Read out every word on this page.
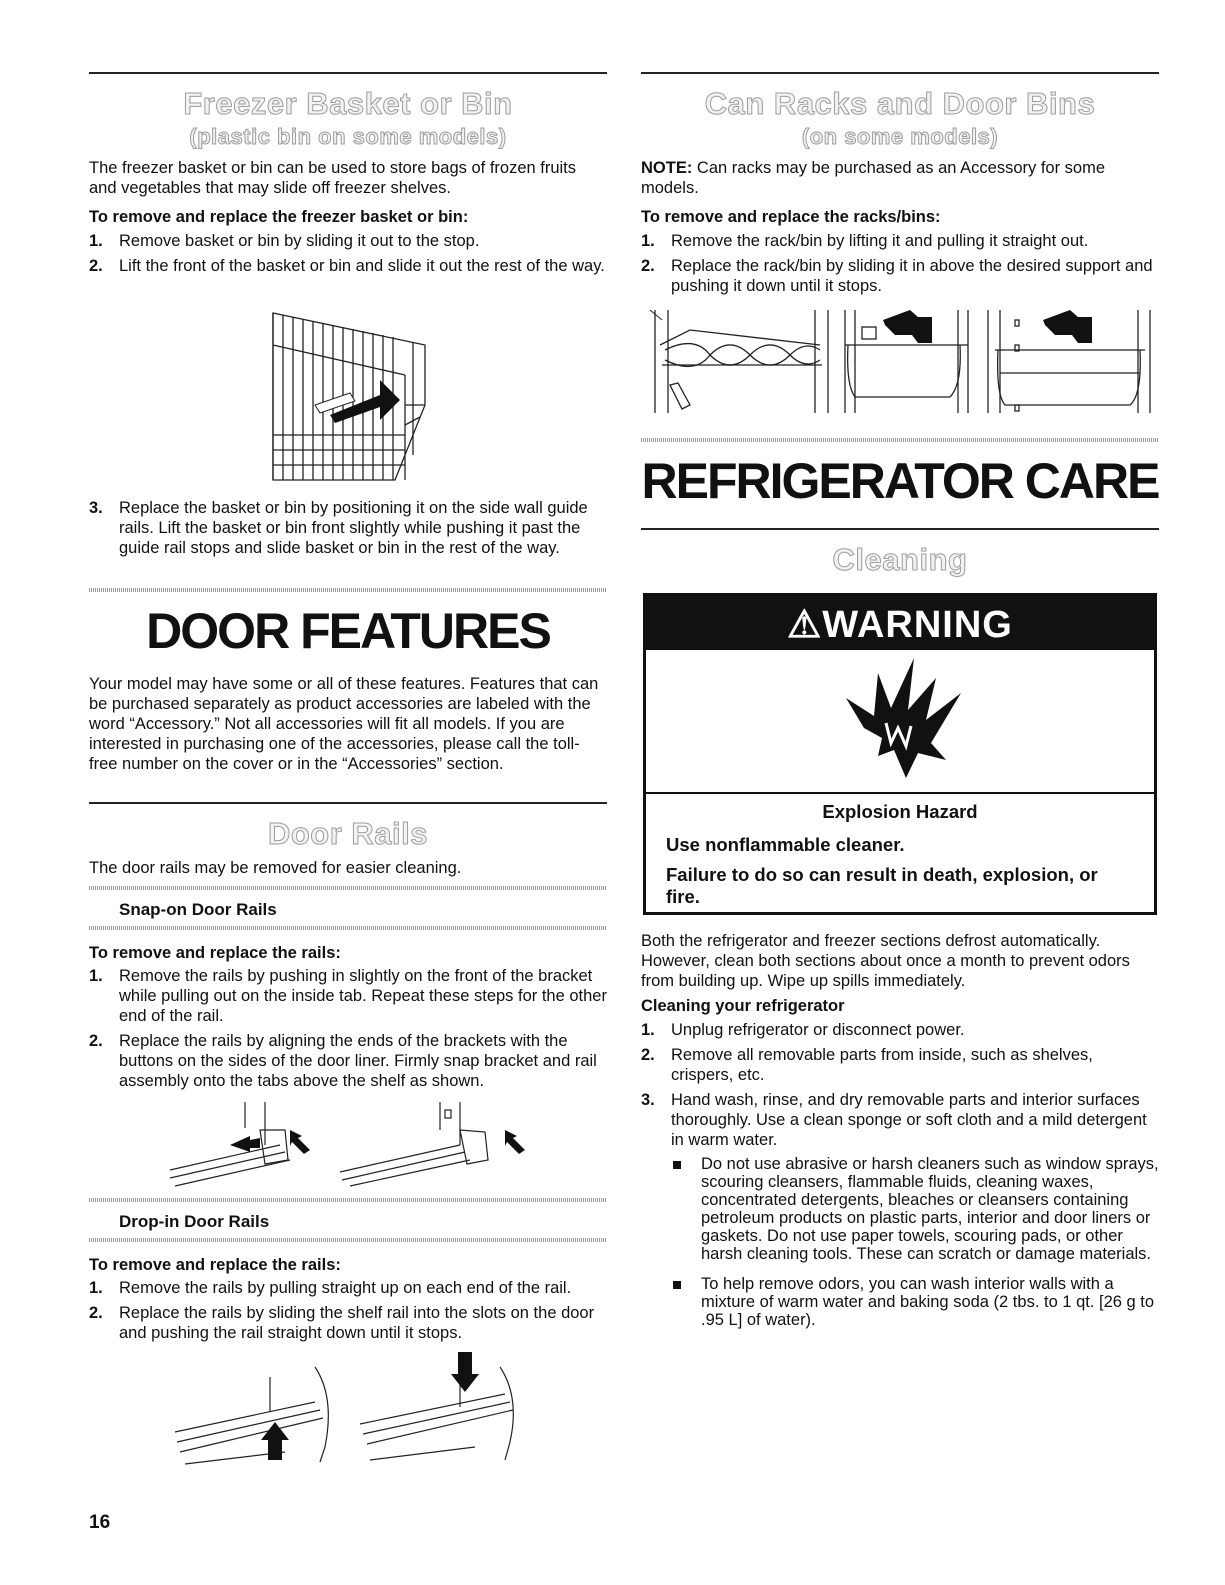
Freezer Basket or Bin
(plastic bin on some models)

The freezer basket or bin can be used to store bags of frozen fruits and vegetables that may slide off freezer shelves.

To remove and replace the freezer basket or bin:

1. Remove basket or bin by sliding it out to the stop.
2. Lift the front of the basket or bin and slide it out the rest of the way.
3. Replace the basket or bin by positioning it on the side wall guide rails. Lift the basket or bin front slightly while pushing it past the guide rail stops and slide basket or bin in the rest of the way.
DOOR FEATURES

Your model may have some or all of these features. Features that can be purchased separately as product accessories are labeled with the word “Accessory.” Not all accessories will fit all models. If you are interested in purchasing one of the accessories, please call the toll-free number on the cover or in the “Accessories” section.

Door Rails

The door rails may be removed for easier cleaning.

Snap-on Door Rails

To remove and replace the rails:

1. Remove the rails by pushing in slightly on the front of the bracket while pulling out on the inside tab. Repeat these steps for the other end of the rail.
2. Replace the rails by aligning the ends of the brackets with the buttons on the sides of the door liner. Firmly snap bracket and rail assembly onto the tabs above the shelf as shown.
Drop-in Door Rails

To remove and replace the rails:

1. Remove the rails by pulling straight up on each end of the rail.
2. Replace the rails by sliding the shelf rail into the slots on the door and pushing the rail straight down until it stops.
16
Can Racks and Door Bins
(on some models)

NOTE: Can racks may be purchased as an Accessory for some models.

To remove and replace the racks/bins:

1. Remove the rack/bin by lifting it and pulling it straight out.
2. Replace the rack/bin by sliding it in above the desired support and pushing it down until it stops.
REFRIGERATOR CARE
Cleaning
⚠WARNING
Explosion Hazard
Use nonflammable cleaner.
Failure to do so can result in death, explosion, or fire.

Both the refrigerator and freezer sections defrost automatically. However, clean both sections about once a month to prevent odors from building up. Wipe up spills immediately.

Cleaning your refrigerator

1. Unplug refrigerator or disconnect power.
2. Remove all removable parts from inside, such as shelves, crispers, etc.
3. Hand wash, rinse, and dry removable parts and interior surfaces thoroughly. Use a clean sponge or soft cloth and a mild detergent in warm water.
Do not use abrasive or harsh cleaners such as window sprays, scouring cleansers, flammable fluids, cleaning waxes, concentrated detergents, bleaches or cleansers containing petroleum products on plastic parts, interior and door liners or gaskets. Do not use paper towels, scouring pads, or other harsh cleaning tools. These can scratch or damage materials.
To help remove odors, you can wash interior walls with a mixture of warm water and baking soda (2 tbs. to 1 qt. [26 g to .95 L] of water).
